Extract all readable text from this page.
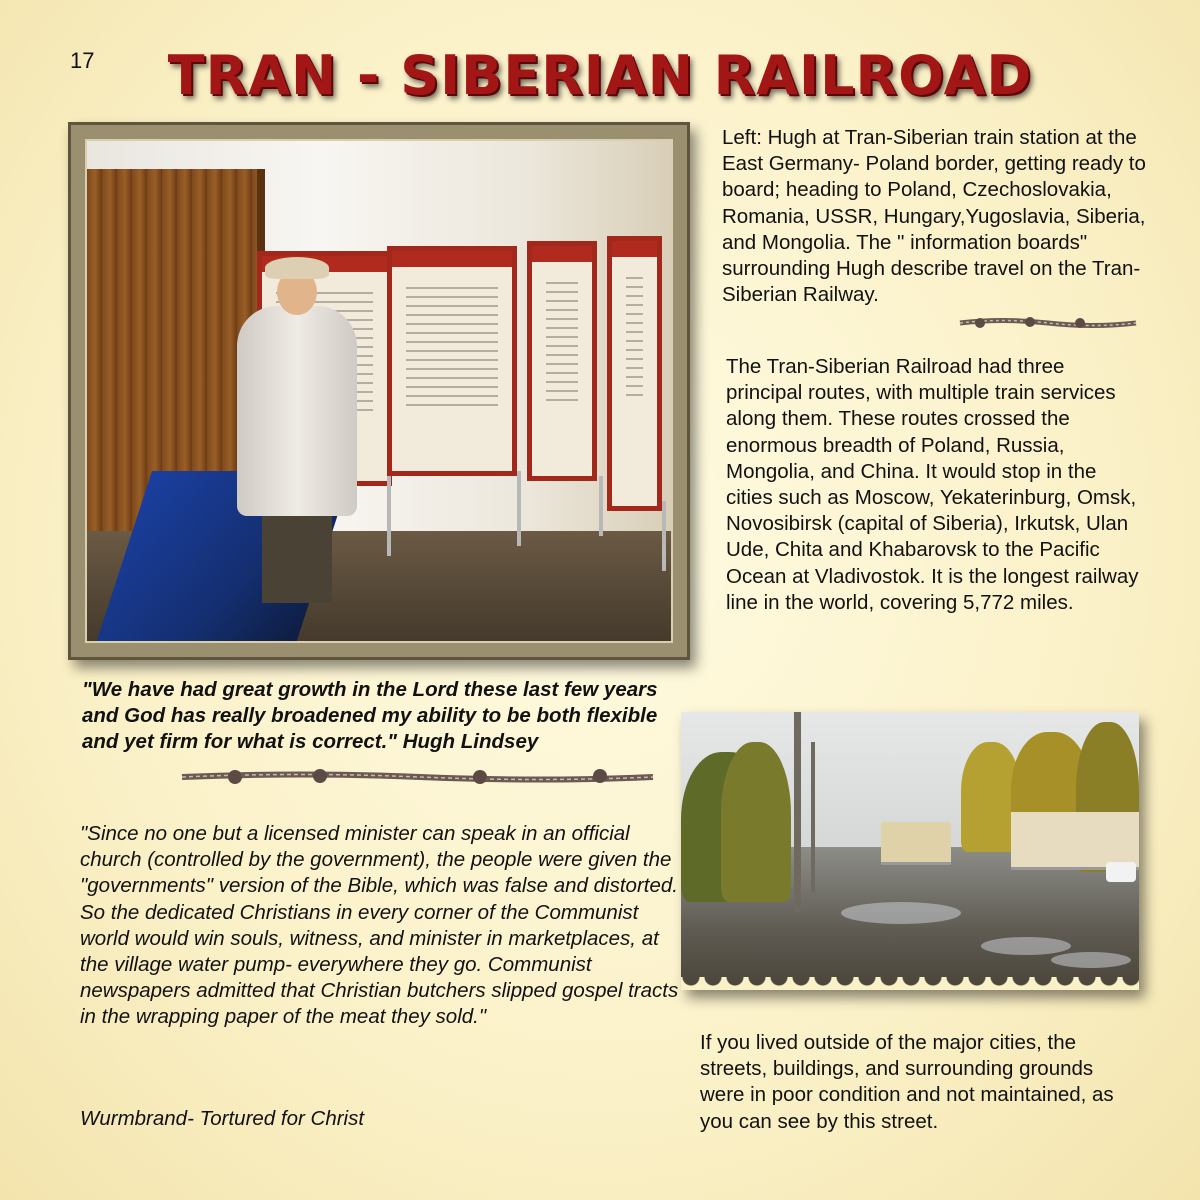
17	TRAN - SIBERIAN RAILROAD
Left: Hugh at Tran-Siberian train station at the East Germany- Poland border, getting ready to board; heading to Poland, Czechoslovakia, Romania, USSR, Hungary,Yugoslavia, Siberia, and Mongolia. The " information boards" surrounding Hugh describe travel on the Tran-Siberian Railway.
The Tran-Siberian Railroad had three principal routes, with multiple train services along them. These routes crossed the enormous breadth of Poland, Russia, Mongolia, and China. It would stop in the cities such as Moscow, Yekaterinburg, Omsk, Novosibirsk (capital of Siberia), Irkutsk, Ulan Ude, Chita and Khabarovsk to the Pacific Ocean at Vladivostok. It is the longest railway line in the world, covering 5,772 miles.
"We have had great growth in the Lord these last few years and God has really broadened my ability to be both flexible and yet firm for what is correct." Hugh Lindsey
"Since no one but a licensed minister can speak in an official church (controlled by the government), the people were given the "governments" version of the Bible, which was false and distorted. So the dedicated Christians in every corner of the Communist world would win souls, witness, and minister in marketplaces, at the village water pump- everywhere they go. Communist newspapers admitted that Christian butchers slipped gospel tracts in the wrapping paper of the meat they sold."
Wurmbrand- Tortured for Christ
If you lived outside of the major cities, the streets, buildings, and surrounding grounds were in poor condition and not maintained, as you can see by this street.
